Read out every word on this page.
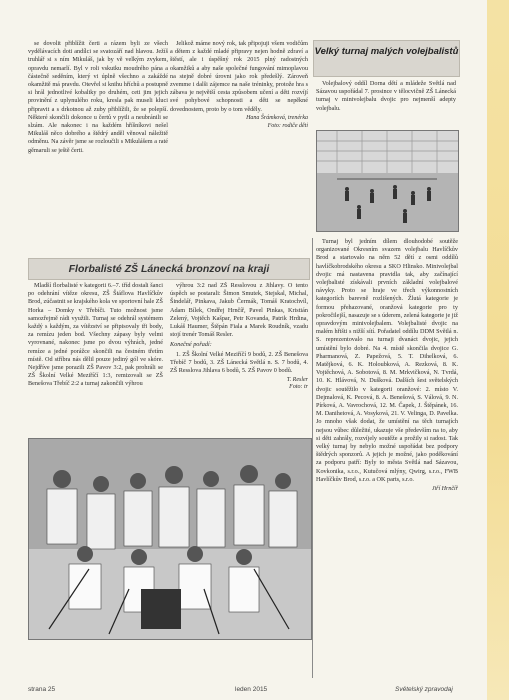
se dovolit přiblížit čerti a rázem byli ze všech vydělávacích doti andílci se svatozáří nad hlavou. Ježíš truhlář si s ním Mikuláš, jak by vě velkým zvykem, opravdu nemarlí. Byl v roli vskutku moudrého pána a částečně seděním, který vi úplně všechno a zakáždé okamžitě má pravdu. Otevřel si knihu hříchů a postupně si hrál jednotlivé kobaltky po druhém, ceti jim jejich provinění z uplynulého roku, kresla pak museli kluci připravit a s drkotnou až zuby přiblížili, že se polepší. Některé skončili dokonce u čertů v pytli a neubránili se slzám. Ale nakonec i na každém hříšníkovi nešel Mikuláš něco dobrého a štědrý anděl věnoval náležitě odměnu. Na závěr jsme se rozloučili s Mikulášem a raté gěmaruli se ještě čerti.

Jelikož máme nový rok, tak připojuji všem vodičům a dětem z každé mladé připravy nejen hodně zdraví a štěstí, ale i úspěšný rok 2015 plný radostných okamžiků a aby naše společné fungování mimoplavou na stejně dobré úrovni jako rok předešlý. Zároveň zvemme i dalši zájemce na naše tréninky, protože hra s zábava je největší cesta způsobem učení a děti rozvíjí své pohybové schopnosti a děti se nepěkné dovednostem, proto by o tom věděly.

Hana Šrámková, trenérka
Foto: rodiče dětí
Velký turnaj malých volejbalistů

Volejbalový oddíl Dorna dětí a mládeže Světlá nad Sázavou uspořádal 7. prosince v tělocvičně ZŠ Lánecká turnaj v minivolejbalu dvojic pro nejmenší adepty volejbalu.

Florbalisté ZŠ Lánecká bronzoví na kraji

Mladší florbalisté v kategorii 6.–7. tříd dostali šanci po odehrání vítěze okresu, ZŠ Štáflova Havlíčkův Brod, zúčastnit se krajského kola ve sportovní hale ZŠ Horka – Domky v Třebíči. Tuto možnost jsme samozřejmě rádi využili. Turnaj se odehrál systémem každý s každým, za vítězství se připisovaly tři body, za remízu jeden bod. Všechny zápasy byly velmi vyrovnané, nakonec jsme po dvou výhrách, jedné remíze a jedné porážce skončili na čestném třetím místě. Od stříbra nás dělil pouze jediný gól ve skóre. Nejdříve jsme porazili ZŠ Pavov 3:2, pak prohráli se ZŠ Školní Velké Meziříčí 1:3, remizovali se ZŠ Benešova Třebíč 2:2 a turnaj zakončili výhrou

výhrou 3:2 nad ZŠ Resslovou z Jihlavy. O tento úspěch se postarali: Šimon Smutek, Stejskal, Michal, Šindelář, Pinkava, Jakub Čermák, Tomáš Kratochvíl, Adam Bílek, Ondřej Hrnčíř, Pavel Pinkas, Kristián Zelený, Vojtěch Kašpar, Petr Kovanda, Patrik Hrdina, Lukáš Haumer, Štěpán Fiala a Marek Roudník, vzadu stojí trenér Tomáš Resler.

Konečné pořadí:

1. ZŠ Školní Velké Meziříčí 9 bodů, 2. ZŠ Benešova Třebíč 7 bodů, 3. ZŠ Lánecká Světlá n. S. 7 bodů, 4. ZŠ Resslova Jihlava 6 bodů, 5. ZŠ Pavov 0 bodů.

T. Resler
Foto: tr

Turnaj byl jedním dílem dlouhodobé soutěže organizované Okresním svazem volejbalu Havlíčkův Brod a startovalo na něm 52 dětí z osmi oddílů havlíčkobrodského okresu a SKO Hlinsko. Minivolejbal dvojic má nastavena pravidla tak, aby začínající volejbalisté získávali prvních základní volejbalové návyky. Proto se hraje ve třech výkonnostních kategoriích barevně rozlišených. Žlutá kategorie je formou přehazované, oranžová kategorie pro ty pokročilejší, nasazuje se s úderem, zelená kategorie je již opravdovým minivolejbalem. Volejbalisté dvojic na malém hřišti s nižší sítí. Pořadatel oddílu DDM Světlá n. S. reprezentovalo na turnaji dvanáct dvojic, jejich umístění bylo dobré. Na 4. místě skončila dvojice G. Pharmanová, Z. Papežová, 5. T. Dihelková, 6. Matějková, 6. K. Holoubková, A. Rezková, 8. K. Vojtěchová, A. Sobotová, 8. M. Mrkvičková, N. Tvrdá, 10. K. Hlávová, N. Dušková. Dalších šest světelských dvojic soutěžilo v kategorii oranžové: 2. místo V. Dejmalová, K. Pecová, 8. A. Benešová, S. Válová, 9. N. Pírková, A. Vavrochová, 12. M. Čapek, J. Štěpánek, 16. M. Daniheiová, A. Vosyková, 21. V. Velinga, D. Pavelka. Jo mnoho však dodat, že umístění na těch turnajích nejsou vůbec důležité, ukazuje vše především na to, aby si děti zahrály, rozvíjely soutěže a prožily si radost. Tak velký turnaj by nebylo možné uspořádat bez podpory štědrých sponzorů. A jejich je možné, jako poděkování za podporu patří: Byly to města Světlá nad Sázavou, Kovkonika, s.r.o., Kutučová mlýny, Qwirg, s.r.o., FWB Havlíčkův Brod, s.r.o. a OK parts, s.r.o.

Jiří Hrnčíř
strana 25	leden 2015	Světelský zpravodaj
